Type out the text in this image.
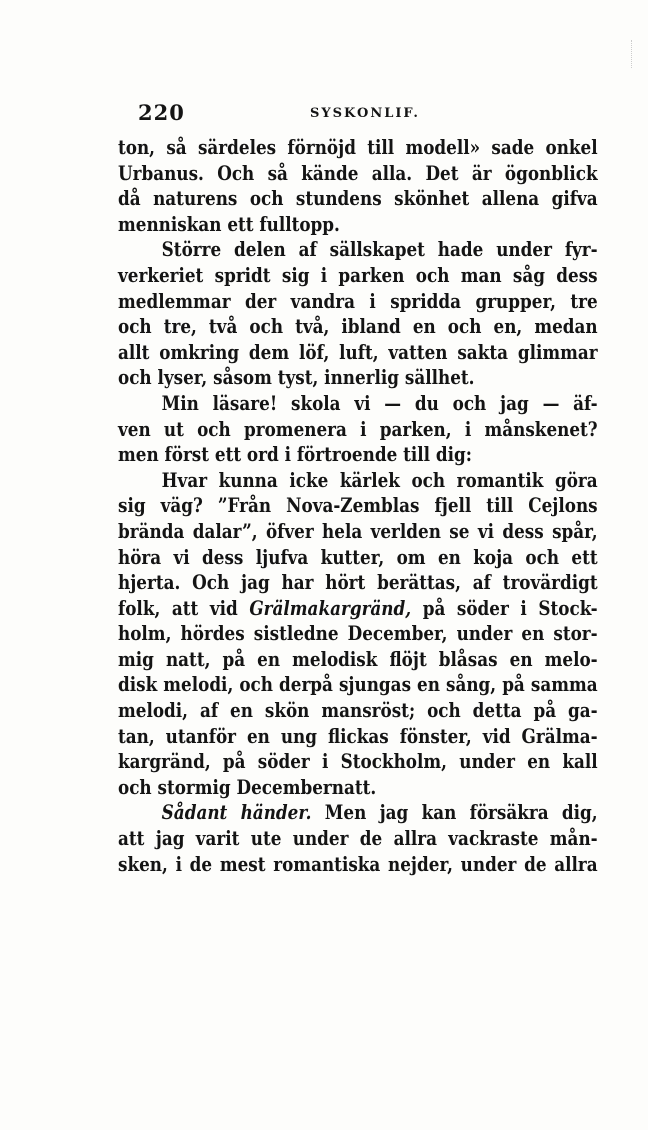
220	SYSKONLIF.
ton, så särdeles förnöjd till modell» sade onkel
Urbanus. Och så kände alla. Det är ögonblick
då naturens och stundens skönhet allena gifva
menniskan ett fulltopp.
Större delen af sällskapet hade under fyr-
verkeriet spridt sig i parken och man såg dess
medlemmar der vandra i spridda grupper, tre
och tre, två och två, ibland en och en, medan
allt omkring dem löf, luft, vatten sakta glimmar
och lyser, såsom tyst, innerlig sällhet.
Min läsare! skola vi — du och jag — äf-
ven ut och promenera i parken, i månskenet?
men först ett ord i förtroende till dig:
Hvar kunna icke kärlek och romantik göra
sig väg? ”Från Nova-Zemblas fjell till Cejlons
brända dalar”, öfver hela verlden se vi dess spår,
höra vi dess ljufva kutter, om en koja och ett
hjerta. Och jag har hört berättas, af trovärdigt
folk, att vid Grälmakargränd, på söder i Stock-
holm, hördes sistledne December, under en stor-
mig natt, på en melodisk flöjt blåsas en melo-
disk melodi, och derpå sjungas en sång, på samma
melodi, af en skön mansröst; och detta på ga-
tan, utanför en ung flickas fönster, vid Grälma-
kargränd, på söder i Stockholm, under en kall
och stormig Decembernatt.
Sådant händer. Men jag kan försäkra dig,
att jag varit ute under de allra vackraste mån-
sken, i de mest romantiska nejder, under de allra
